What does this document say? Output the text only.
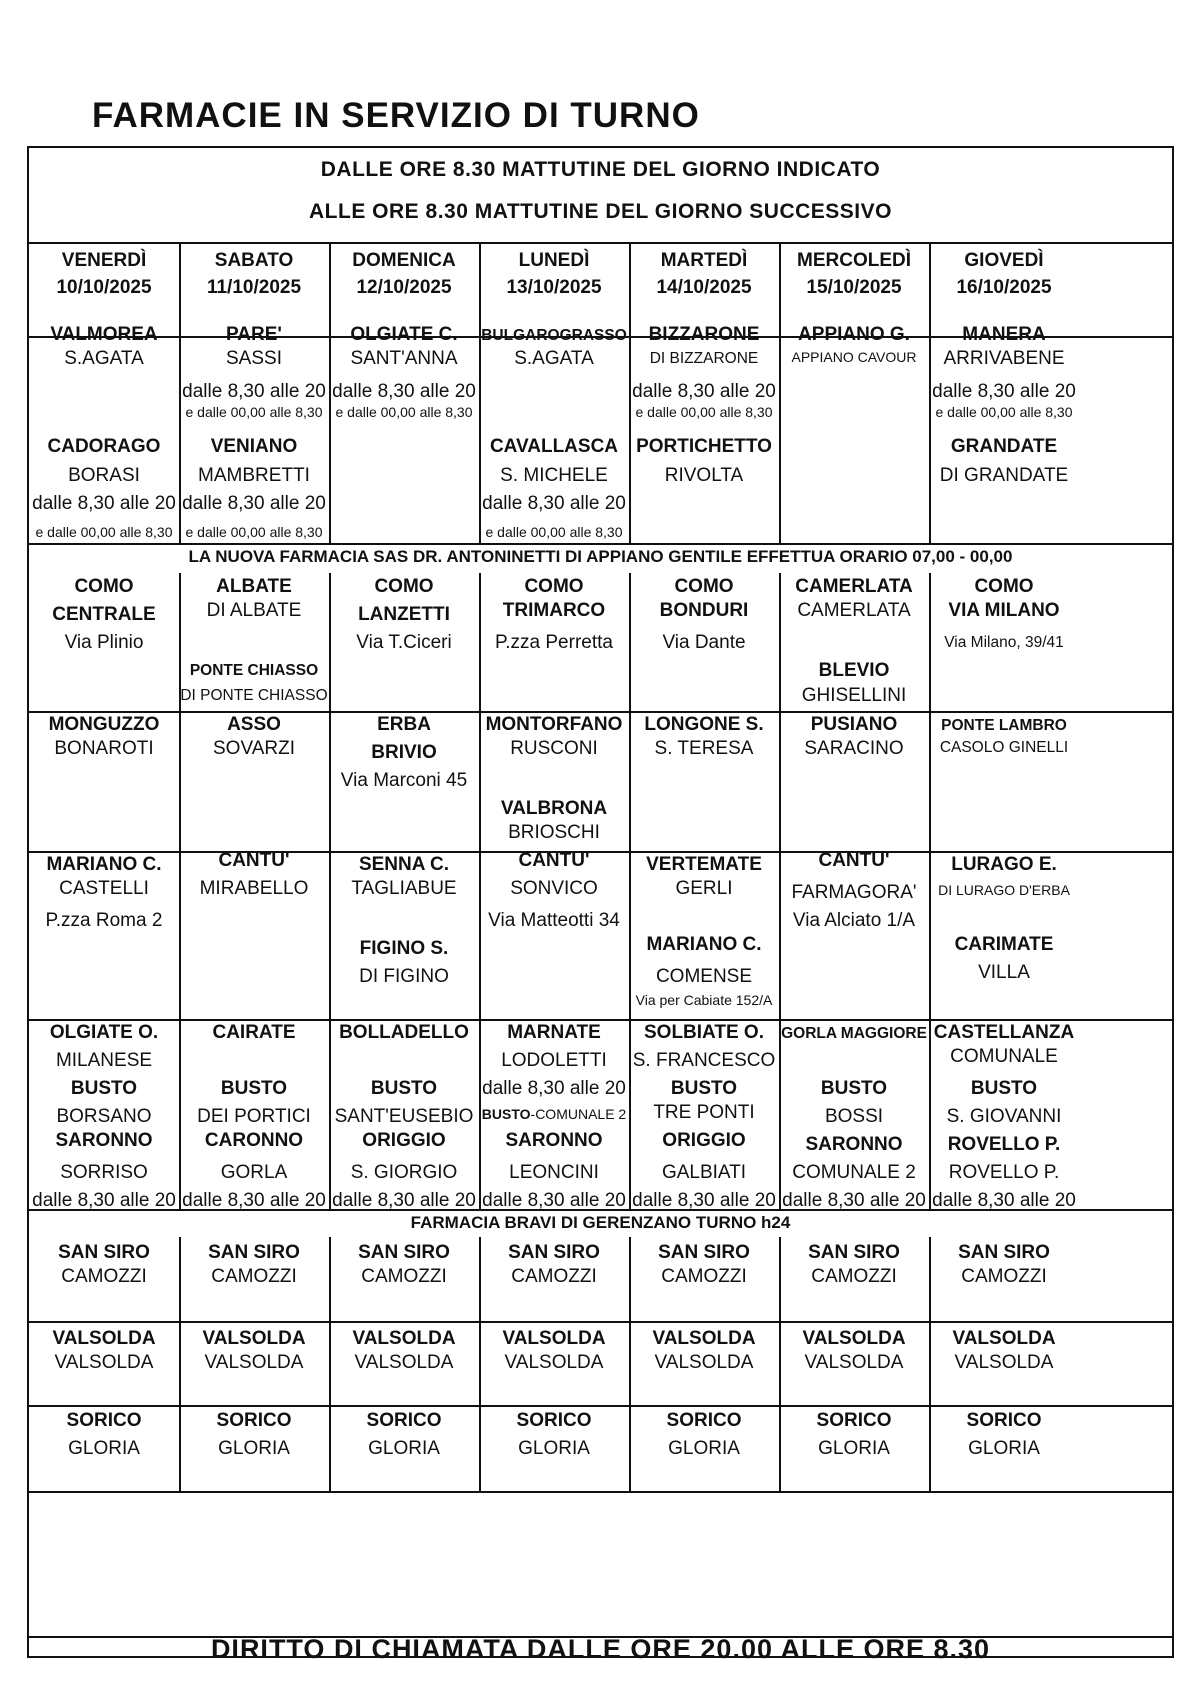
FARMACIE IN SERVIZIO DI TURNO
DALLE ORE 8.30 MATTUTINE DEL GIORNO INDICATO
ALLE ORE 8.30 MATTUTINE DEL GIORNO SUCCESSIVO
VENERDÌ
10/10/2025
SABATO
11/10/2025
DOMENICA
12/10/2025
LUNEDÌ
13/10/2025
MARTEDÌ
14/10/2025
MERCOLEDÌ
15/10/2025
GIOVEDÌ
16/10/2025
VALMOREA
S.AGATA
CADORAGO
BORASI
dalle 8,30 alle 20
e dalle 00,00 alle 8,30
PARE'
SASSI
dalle 8,30 alle 20
e dalle 00,00 alle 8,30
VENIANO
MAMBRETTI
dalle 8,30 alle 20
e dalle 00,00 alle 8,30
OLGIATE C.
SANT'ANNA
dalle 8,30 alle 20
e dalle 00,00 alle 8,30
BULGAROGRASSO
S.AGATA
CAVALLASCA
S. MICHELE
dalle 8,30 alle 20
e dalle 00,00 alle 8,30
BIZZARONE
DI BIZZARONE
dalle 8,30 alle 20
e dalle 00,00 alle 8,30
PORTICHETTO
RIVOLTA
APPIANO G.
APPIANO CAVOUR
MANERA
ARRIVABENE
dalle 8,30 alle 20
e dalle 00,00 alle 8,30
GRANDATE
DI GRANDATE
LA NUOVA FARMACIA SAS DR. ANTONINETTI DI APPIANO GENTILE EFFETTUA ORARIO 07,00 - 00,00
COMO
CENTRALE
Via Plinio
ALBATE
DI ALBATE
PONTE CHIASSO
DI PONTE CHIASSO
COMO
LANZETTI
Via T.Ciceri
COMO
TRIMARCO
P.zza Perretta
COMO
BONDURI
Via Dante
CAMERLATA
CAMERLATA
BLEVIO
GHISELLINI
COMO
VIA MILANO
Via Milano, 39/41
MONGUZZO
BONAROTI
ASSO
SOVARZI
ERBA
BRIVIO
Via Marconi 45
MONTORFANO
RUSCONI
VALBRONA
BRIOSCHI
LONGONE S.
S. TERESA
PUSIANO
SARACINO
PONTE LAMBRO
CASOLO GINELLI
MARIANO C.
CASTELLI
P.zza Roma 2
CANTU'
MIRABELLO
SENNA C.
TAGLIABUE
FIGINO S.
DI FIGINO
CANTU'
SONVICO
Via Matteotti 34
VERTEMATE
GERLI
MARIANO C.
COMENSE
Via per Cabiate 152/A
CANTU'
FARMAGORA'
Via Alciato 1/A
LURAGO E.
DI LURAGO D'ERBA
CARIMATE
VILLA
OLGIATE O.
MILANESE
BUSTO
BORSANO
SARONNO
SORRISO
dalle 8,30 alle 20
CAIRATE
BUSTO
DEI PORTICI
CARONNO
GORLA
dalle 8,30 alle 20
BOLLADELLO
BUSTO
SANT'EUSEBIO
ORIGGIO
S. GIORGIO
dalle 8,30 alle 20
MARNATE
LODOLETTI
dalle 8,30 alle 20
BUSTO-COMUNALE 2
SARONNO
LEONCINI
dalle 8,30 alle 20
SOLBIATE O.
S. FRANCESCO
BUSTO
TRE PONTI
ORIGGIO
GALBIATI
dalle 8,30 alle 20
GORLA MAGGIORE
BUSTO
BOSSI
SARONNO
COMUNALE 2
dalle 8,30 alle 20
CASTELLANZA
COMUNALE
BUSTO
S. GIOVANNI
ROVELLO P.
ROVELLO P.
dalle 8,30 alle 20
FARMACIA BRAVI DI GERENZANO TURNO h24
SAN SIRO
CAMOZZI
SAN SIRO
CAMOZZI
SAN SIRO
CAMOZZI
SAN SIRO
CAMOZZI
SAN SIRO
CAMOZZI
SAN SIRO
CAMOZZI
SAN SIRO
CAMOZZI
VALSOLDA
VALSOLDA
VALSOLDA
VALSOLDA
VALSOLDA
VALSOLDA
VALSOLDA
VALSOLDA
VALSOLDA
VALSOLDA
VALSOLDA
VALSOLDA
VALSOLDA
VALSOLDA
SORICO
GLORIA
SORICO
GLORIA
SORICO
GLORIA
SORICO
GLORIA
SORICO
GLORIA
SORICO
GLORIA
SORICO
GLORIA
DIRITTO DI CHIAMATA DALLE ORE 20.00 ALLE ORE 8.30
